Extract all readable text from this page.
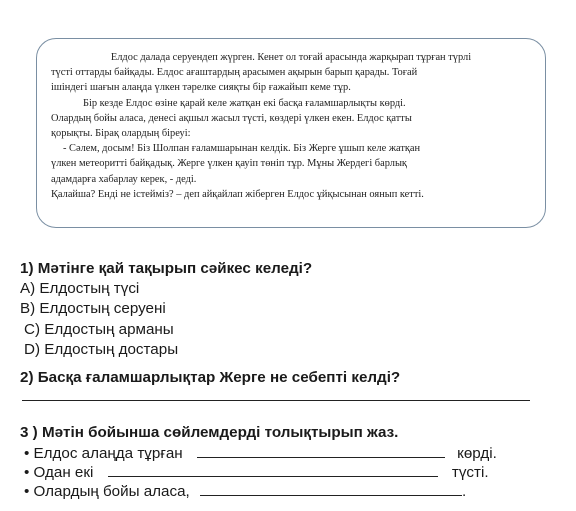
Елдос далада серуендеп жүрген. Кенет ол тоғай арасында жарқырап тұрған түрлі

түсті оттарды байқады. Елдос ағаштардың арасымен ақырын барып қарады. Тоғай

ішіндегі шағын алаңда үлкен тәрелке сияқты бір ғажайып кеме тұр.

Бір кезде Елдос өзіне қарай келе жатқан екі басқа ғаламшарлықты көрді.

Олардың бойы аласа, денесі ақшыл жасыл түсті, көздері үлкен екен. Елдос қатты

қорықты. Бірақ олардың біреуі:

- Сәлем, досым! Біз Шолпан ғаламшарынан келдік. Біз Жерге ұшып келе жатқан

үлкен метеоритті байқадық. Жерге үлкен қауіп төніп тұр. Мұны Жердегі барлық

адамдарға хабарлау керек, - деді.

Қалайша? Енді не істейміз? – деп айқайлап жіберген Елдос ұйқысынан оянып кетті.

1) Мәтінге қай тақырып сәйкес келеді?
A) Елдостың түсі
B) Елдостың серуені
C) Елдостың арманы
D) Елдостың достары
2) Басқа ғаламшарлықтар Жерге не себепті келді?
3 ) Мәтін бойынша сөйлемдерді толықтырып жаз.
• Елдос алаңда тұрған	көрді.
• Одан екі	түсті.
• Олардың бойы аласа,	.
